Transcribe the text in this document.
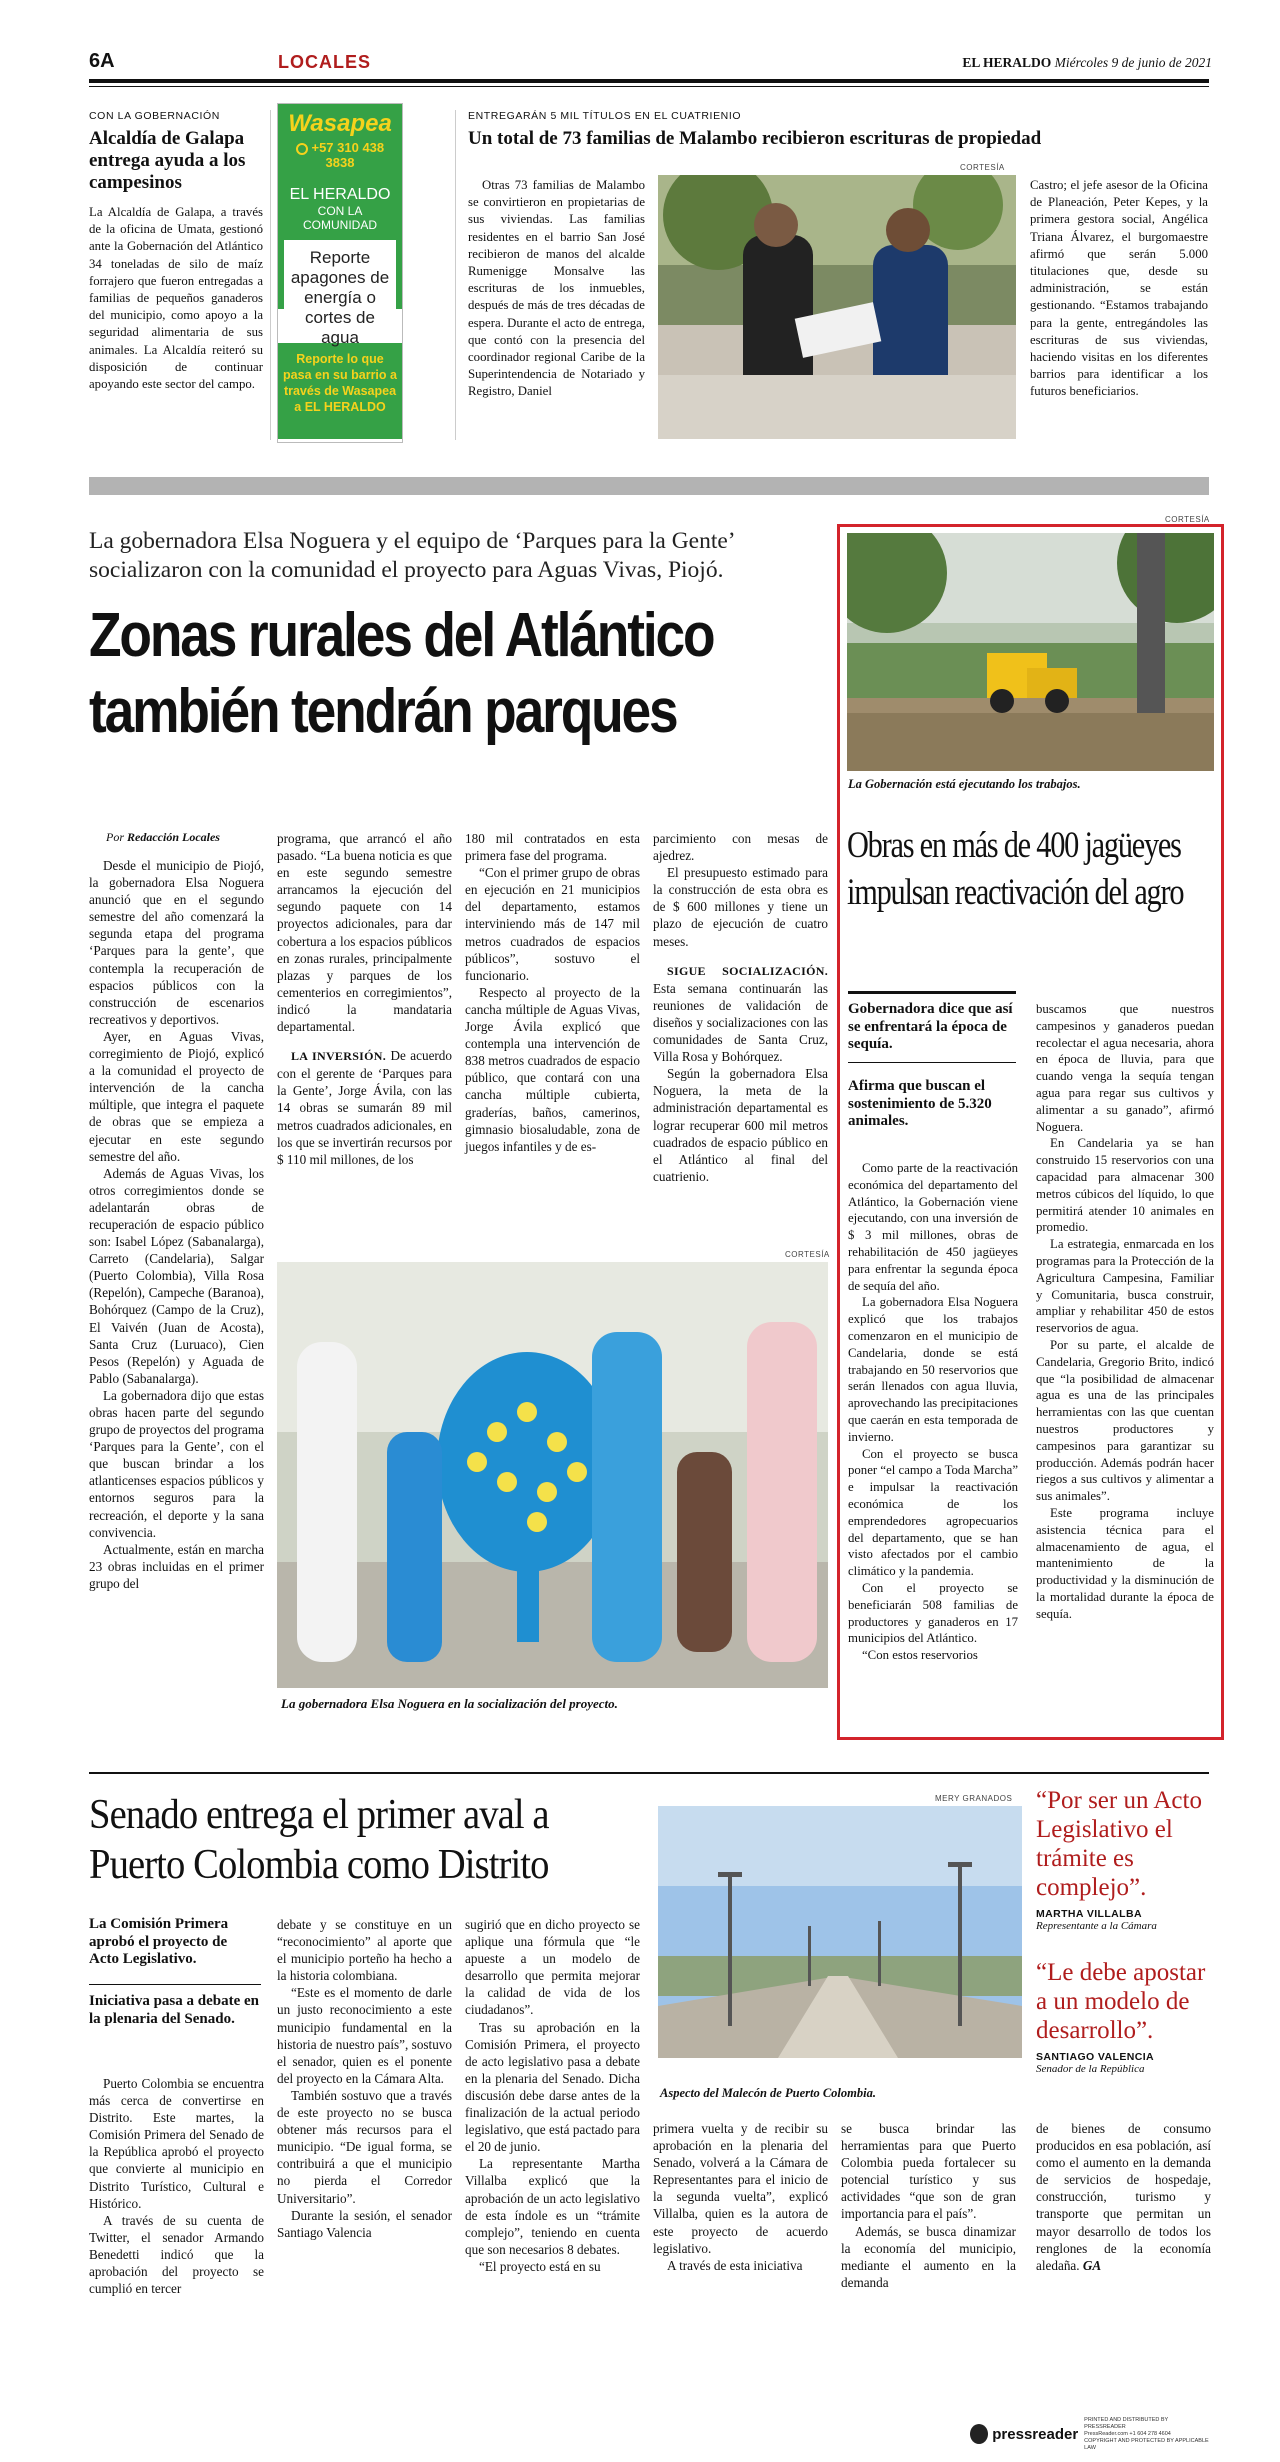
6A	LOCALES	EL HERALDO Miércoles 9 de junio de 2021
CON LA GOBERNACIÓN
Alcaldía de Galapa entrega ayuda a los campesinos

La Alcaldía de Galapa, a través de la oficina de Umata, gestionó ante la Gobernación del Atlántico 34 toneladas de silo de maíz forrajero que fueron entregadas a familias de pequeños ganaderos del municipio, como apoyo a la seguridad alimentaria de sus animales. La Alcaldía reiteró su disposición de continuar apoyando este sector del campo.

Wasapea
+57 310 438 3838
EL HERALDO
CON LA COMUNIDAD
Reporte apagones de energía o cortes de agua
Reporte lo que pasa en su barrio a través de Wasapea a EL HERALDO
ENTREGARÁN 5 MIL TÍTULOS EN EL CUATRIENIO
Un total de 73 familias de Malambo recibieron escrituras de propiedad

Otras 73 familias de Malambo se convirtieron en propietarias de sus viviendas. Las familias residentes en el barrio San José recibieron de manos del alcalde Rumenigge Monsalve las escrituras de los inmuebles, después de más de tres décadas de espera. Durante el acto de entrega, que contó con la presencia del coordinador regional Caribe de la Superintendencia de Notariado y Registro, Daniel

CORTESÍA

Castro; el jefe asesor de la Oficina de Planeación, Peter Kepes, y la primera gestora social, Angélica Triana Álvarez, el burgomaestre afirmó que serán 5.000 titulaciones que, desde su administración, se están gestionando. “Estamos trabajando para la gente, entregándoles las escrituras de sus viviendas, haciendo visitas en los diferentes barrios para identificar a los futuros beneficiarios.

La gobernadora Elsa Noguera y el equipo de ‘Parques para la Gente’ socializaron con la comunidad el proyecto para Aguas Vivas, Piojó.
Zonas rurales del Atlántico también tendrán parques
Por Redacción Locales

Desde el municipio de Piojó, la gobernadora Elsa Noguera anunció que en el segundo semestre del año comenzará la segunda etapa del programa ‘Parques para la gente’, que contempla la recuperación de espacios públicos con la construcción de escenarios recreativos y deportivos.

Ayer, en Aguas Vivas, corregimiento de Piojó, explicó a la comunidad el proyecto de intervención de la cancha múltiple, que integra el paquete de obras que se empieza a ejecutar en este segundo semestre del año.

Además de Aguas Vivas, los otros corregimientos donde se adelantarán obras de recuperación de espacio público son: Isabel López (Sabanalarga), Carreto (Candelaria), Salgar (Puerto Colombia), Villa Rosa (Repelón), Campeche (Baranoa), Bohórquez (Campo de la Cruz), El Vaivén (Juan de Acosta), Santa Cruz (Luruaco), Cien Pesos (Repelón) y Aguada de Pablo (Sabanalarga).

La gobernadora dijo que estas obras hacen parte del segundo grupo de proyectos del programa ‘Parques para la Gente’, con el que buscan brindar a los atlanticenses espacios públicos y entornos seguros para la recreación, el deporte y la sana convivencia.

Actualmente, están en marcha 23 obras incluidas en el primer grupo del

programa, que arrancó el año pasado. “La buena noticia es que en este segundo semestre arrancamos la ejecución del segundo paquete con 14 proyectos adicionales, para dar cobertura a los espacios públicos en zonas rurales, principalmente plazas y parques de los cementerios en corregimientos”, indicó la mandataria departamental.

LA INVERSIÓN. De acuerdo con el gerente de ‘Parques para la Gente’, Jorge Ávila, con las 14 obras se sumarán 89 mil metros cuadrados adicionales, en los que se invertirán recursos por $ 110 mil millones, de los

180 mil contratados en esta primera fase del programa.

“Con el primer grupo de obras en ejecución en 21 municipios del departamento, estamos interviniendo más de 147 mil metros cuadrados de espacios públicos”, sostuvo el funcionario.

Respecto al proyecto de la cancha múltiple de Aguas Vivas, Jorge Ávila explicó que contempla una intervención de 838 metros cuadrados de espacio público, que contará con una cancha múltiple cubierta, graderías, baños, camerinos, gimnasio biosaludable, zona de juegos infantiles y de es-

parcimiento con mesas de ajedrez.

El presupuesto estimado para la construcción de esta obra es de $ 600 millones y tiene un plazo de ejecución de cuatro meses.

SIGUE SOCIALIZACIÓN. Esta semana continuarán las reuniones de validación de diseños y socializaciones con las comunidades de Santa Cruz, Villa Rosa y Bohórquez.

Según la gobernadora Elsa Noguera, la meta de la administración departamental es lograr recuperar 600 mil metros cuadrados de espacio público en el Atlántico al final del cuatrienio.

CORTESÍA
La gobernadora Elsa Noguera en la socialización del proyecto.
CORTESÍA
La Gobernación está ejecutando los trabajos.
Obras en más de 400 jagüeyes impulsan reactivación del agro
Gobernadora dice que así se enfrentará la época de sequía.
Afirma que buscan el sostenimiento de 5.320 animales.

Como parte de la reactivación económica del departamento del Atlántico, la Gobernación viene ejecutando, con una inversión de $ 3 mil millones, obras de rehabilitación de 450 jagüeyes para enfrentar la segunda época de sequía del año.

La gobernadora Elsa Noguera explicó que los trabajos comenzaron en el municipio de Candelaria, donde se está trabajando en 50 reservorios que serán llenados con agua lluvia, aprovechando las precipitaciones que caerán en esta temporada de invierno.

Con el proyecto se busca poner “el campo a Toda Marcha” e impulsar la reactivación económica de los emprendedores agropecuarios del departamento, que se han visto afectados por el cambio climático y la pandemia.

Con el proyecto se beneficiarán 508 familias de productores y ganaderos en 17 municipios del Atlántico.

“Con estos reservorios

buscamos que nuestros campesinos y ganaderos puedan recolectar el agua necesaria, ahora en época de lluvia, para que cuando venga la sequía tengan agua para regar sus cultivos y alimentar a su ganado”, afirmó Noguera.

En Candelaria ya se han construido 15 reservorios con una capacidad para almacenar 300 metros cúbicos del líquido, lo que permitirá atender 10 animales en promedio.

La estrategia, enmarcada en los programas para la Protección de la Agricultura Campesina, Familiar y Comunitaria, busca construir, ampliar y rehabilitar 450 de estos reservorios de agua.

Por su parte, el alcalde de Candelaria, Gregorio Brito, indicó que “la posibilidad de almacenar agua es una de las principales herramientas con las que cuentan nuestros productores y campesinos para garantizar su producción. Además podrán hacer riegos a sus cultivos y alimentar a sus animales”.

Este programa incluye asistencia técnica para el almacenamiento de agua, el mantenimiento de la productividad y la disminución de la mortalidad durante la época de sequía.

Senado entrega el primer aval a Puerto Colombia como Distrito
La Comisión Primera aprobó el proyecto de Acto Legislativo.
Iniciativa pasa a debate en la plenaria del Senado.

Puerto Colombia se encuentra más cerca de convertirse en Distrito. Este martes, la Comisión Primera del Senado de la República aprobó el proyecto que convierte al municipio en Distrito Turístico, Cultural e Histórico.

A través de su cuenta de Twitter, el senador Armando Benedetti indicó que la aprobación del proyecto se cumplió en tercer

debate y se constituye en un “reconocimiento” al aporte que el municipio porteño ha hecho a la historia colombiana.

“Este es el momento de darle un justo reconocimiento a este municipio fundamental en la historia de nuestro país”, sostuvo el senador, quien es el ponente del proyecto en la Cámara Alta.

También sostuvo que a través de este proyecto no se busca obtener más recursos para el municipio. “De igual forma, se contribuirá a que el municipio no pierda el Corredor Universitario”.

Durante la sesión, el senador Santiago Valencia

sugirió que en dicho proyecto se aplique una fórmula que “le apueste a un modelo de desarrollo que permita mejorar la calidad de vida de los ciudadanos”.

Tras su aprobación en la Comisión Primera, el proyecto de acto legislativo pasa a debate en la plenaria del Senado. Dicha discusión debe darse antes de la finalización de la actual periodo legislativo, que está pactado para el 20 de junio.

La representante Martha Villalba explicó que la aprobación de un acto legislativo de esta índole es un “trámite complejo”, teniendo en cuenta que son necesarios 8 debates.

“El proyecto está en su

MERY GRANADOS
Aspecto del Malecón de Puerto Colombia.

primera vuelta y de recibir su aprobación en la plenaria del Senado, volverá a la Cámara de Representantes para el inicio de la segunda vuelta”, explicó Villalba, quien es la autora de este proyecto de acuerdo legislativo.

A través de esta iniciativa

se busca brindar las herramientas para que Puerto Colombia pueda fortalecer su potencial turístico y sus actividades “que son de gran importancia para el país”.

Además, se busca dinamizar la economía del municipio, mediante el aumento en la demanda

de bienes de consumo producidos en esa población, así como el aumento en la demanda de servicios de hospedaje, construcción, turismo y transporte que permitan un mayor desarrollo de todos los renglones de la economía aledaña. GA

“Por ser un Acto Legislativo el trámite es complejo”.
MARTHA VILLALBA
Representante a la Cámara
“Le debe apostar a un modelo de desarrollo”.
SANTIAGO VALENCIA
Senador de la República
pressreader
PRINTED AND DISTRIBUTED BY PRESSREADER
PressReader.com +1 604 278 4604
COPYRIGHT AND PROTECTED BY APPLICABLE LAW
